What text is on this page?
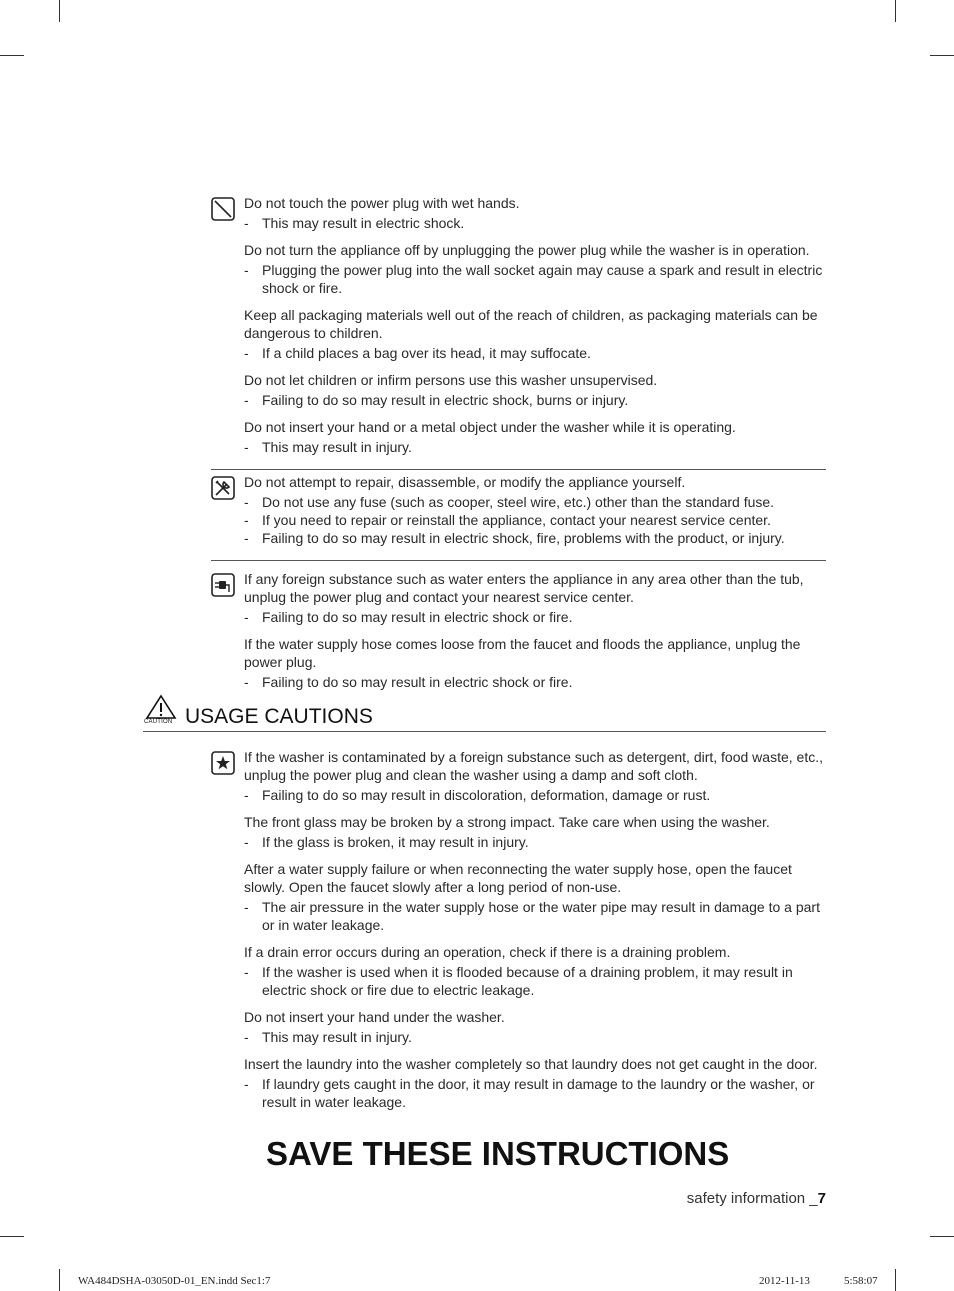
Do not touch the power plug with wet hands.
- This may result in electric shock.
Do not turn the appliance off by unplugging the power plug while the washer is in operation.
- Plugging the power plug into the wall socket again may cause a spark and result in electric shock or fire.
Keep all packaging materials well out of the reach of children, as packaging materials can be dangerous to children.
- If a child places a bag over its head, it may suffocate.
Do not let children or infirm persons use this washer unsupervised.
- Failing to do so may result in electric shock, burns or injury.
Do not insert your hand or a metal object under the washer while it is operating.
- This may result in injury.
Do not attempt to repair, disassemble, or modify the appliance yourself.
- Do not use any fuse (such as cooper, steel wire, etc.) other than the standard fuse.
- If you need to repair or reinstall the appliance, contact your nearest service center.
- Failing to do so may result in electric shock, fire, problems with the product, or injury.
If any foreign substance such as water enters the appliance in any area other than the tub, unplug the power plug and contact your nearest service center.
- Failing to do so may result in electric shock or fire.
If the water supply hose comes loose from the faucet and floods the appliance, unplug the power plug.
- Failing to do so may result in electric shock or fire.
CAUTION USAGE CAUTIONS
If the washer is contaminated by a foreign substance such as detergent, dirt, food waste, etc., unplug the power plug and clean the washer using a damp and soft cloth.
- Failing to do so may result in discoloration, deformation, damage or rust.
The front glass may be broken by a strong impact. Take care when using the washer.
- If the glass is broken, it may result in injury.
After a water supply failure or when reconnecting the water supply hose, open the faucet slowly. Open the faucet slowly after a long period of non-use.
- The air pressure in the water supply hose or the water pipe may result in damage to a part or in water leakage.
If a drain error occurs during an operation, check if there is a draining problem.
- If the washer is used when it is flooded because of a draining problem, it may result in electric shock or fire due to electric leakage.
Do not insert your hand under the washer.
- This may result in injury.
Insert the laundry into the washer completely so that laundry does not get caught in the door.
- If laundry gets caught in the door, it may result in damage to the laundry or the washer, or result in water leakage.
SAVE THESE INSTRUCTIONS
safety information _7
WA484DSHA-03050D-01_EN.indd Sec1:7	2012-11-13	5:58:07
